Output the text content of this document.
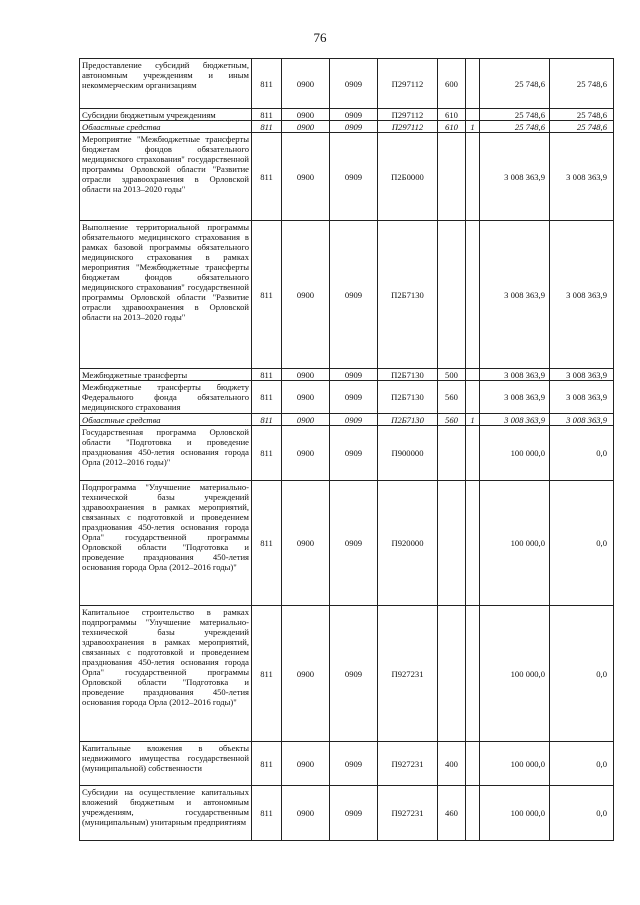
76
Предоставление субсидий бюджетным, автономным учреждениям и иным некоммерческим организациям	811	0900	0909	П297112	600		25 748,6	25 748,6
Субсидии бюджетным учреждениям	811	0900	0909	П297112	610		25 748,6	25 748,6
Областные средства	811	0900	0909	П297112	610	1	25 748,6	25 748,6
Мероприятие "Межбюджетные трансферты бюджетам фондов обязательного медицинского страхования" государственной программы Орловской области "Развитие отрасли здравоохранения в Орловской области на 2013–2020 годы"	811	0900	0909	П2Б0000			3 008 363,9	3 008 363,9
Выполнение территориальной программы обязательного медицинского страхования в рамках базовой программы обязательного медицинского страхования в рамках мероприятия "Межбюджетные трансферты бюджетам фондов обязательного медицинского страхования" государственной программы Орловской области "Развитие отрасли здравоохранения в Орловской области на 2013–2020 годы"	811	0900	0909	П2Б7130			3 008 363,9	3 008 363,9
Межбюджетные трансферты	811	0900	0909	П2Б7130	500		3 008 363,9	3 008 363,9
Межбюджетные трансферты бюджету Федерального фонда обязательного медицинского страхования	811	0900	0909	П2Б7130	560		3 008 363,9	3 008 363,9
Областные средства	811	0900	0909	П2Б7130	560	1	3 008 363,9	3 008 363,9
Государственная программа Орловской области "Подготовка и проведение празднования 450-летия основания города Орла (2012–2016 годы)"	811	0900	0909	П900000			100 000,0	0,0
Подпрограмма "Улучшение материально-технической базы учреждений здравоохранения в рамках мероприятий, связанных с подготовкой и проведением празднования 450-летия основания города Орла" государственной программы Орловской области "Подготовка и проведение празднования 450-летия основания города Орла (2012–2016 годы)"	811	0900	0909	П920000			100 000,0	0,0
Капитальное строительство в рамках подпрограммы "Улучшение материально-технической базы учреждений здравоохранения в рамках мероприятий, связанных с подготовкой и проведением празднования 450-летия основания города Орла" государственной программы Орловской области "Подготовка и проведение празднования 450-летия основания города Орла (2012–2016 годы)"	811	0900	0909	П927231			100 000,0	0,0
Капитальные вложения в объекты недвижимого имущества государственной (муниципальной) собственности	811	0900	0909	П927231	400		100 000,0	0,0
Субсидии на осуществление капитальных вложений бюджетным и автономным учреждениям, государственным (муниципальным) унитарным предприятиям	811	0900	0909	П927231	460		100 000,0	0,0
